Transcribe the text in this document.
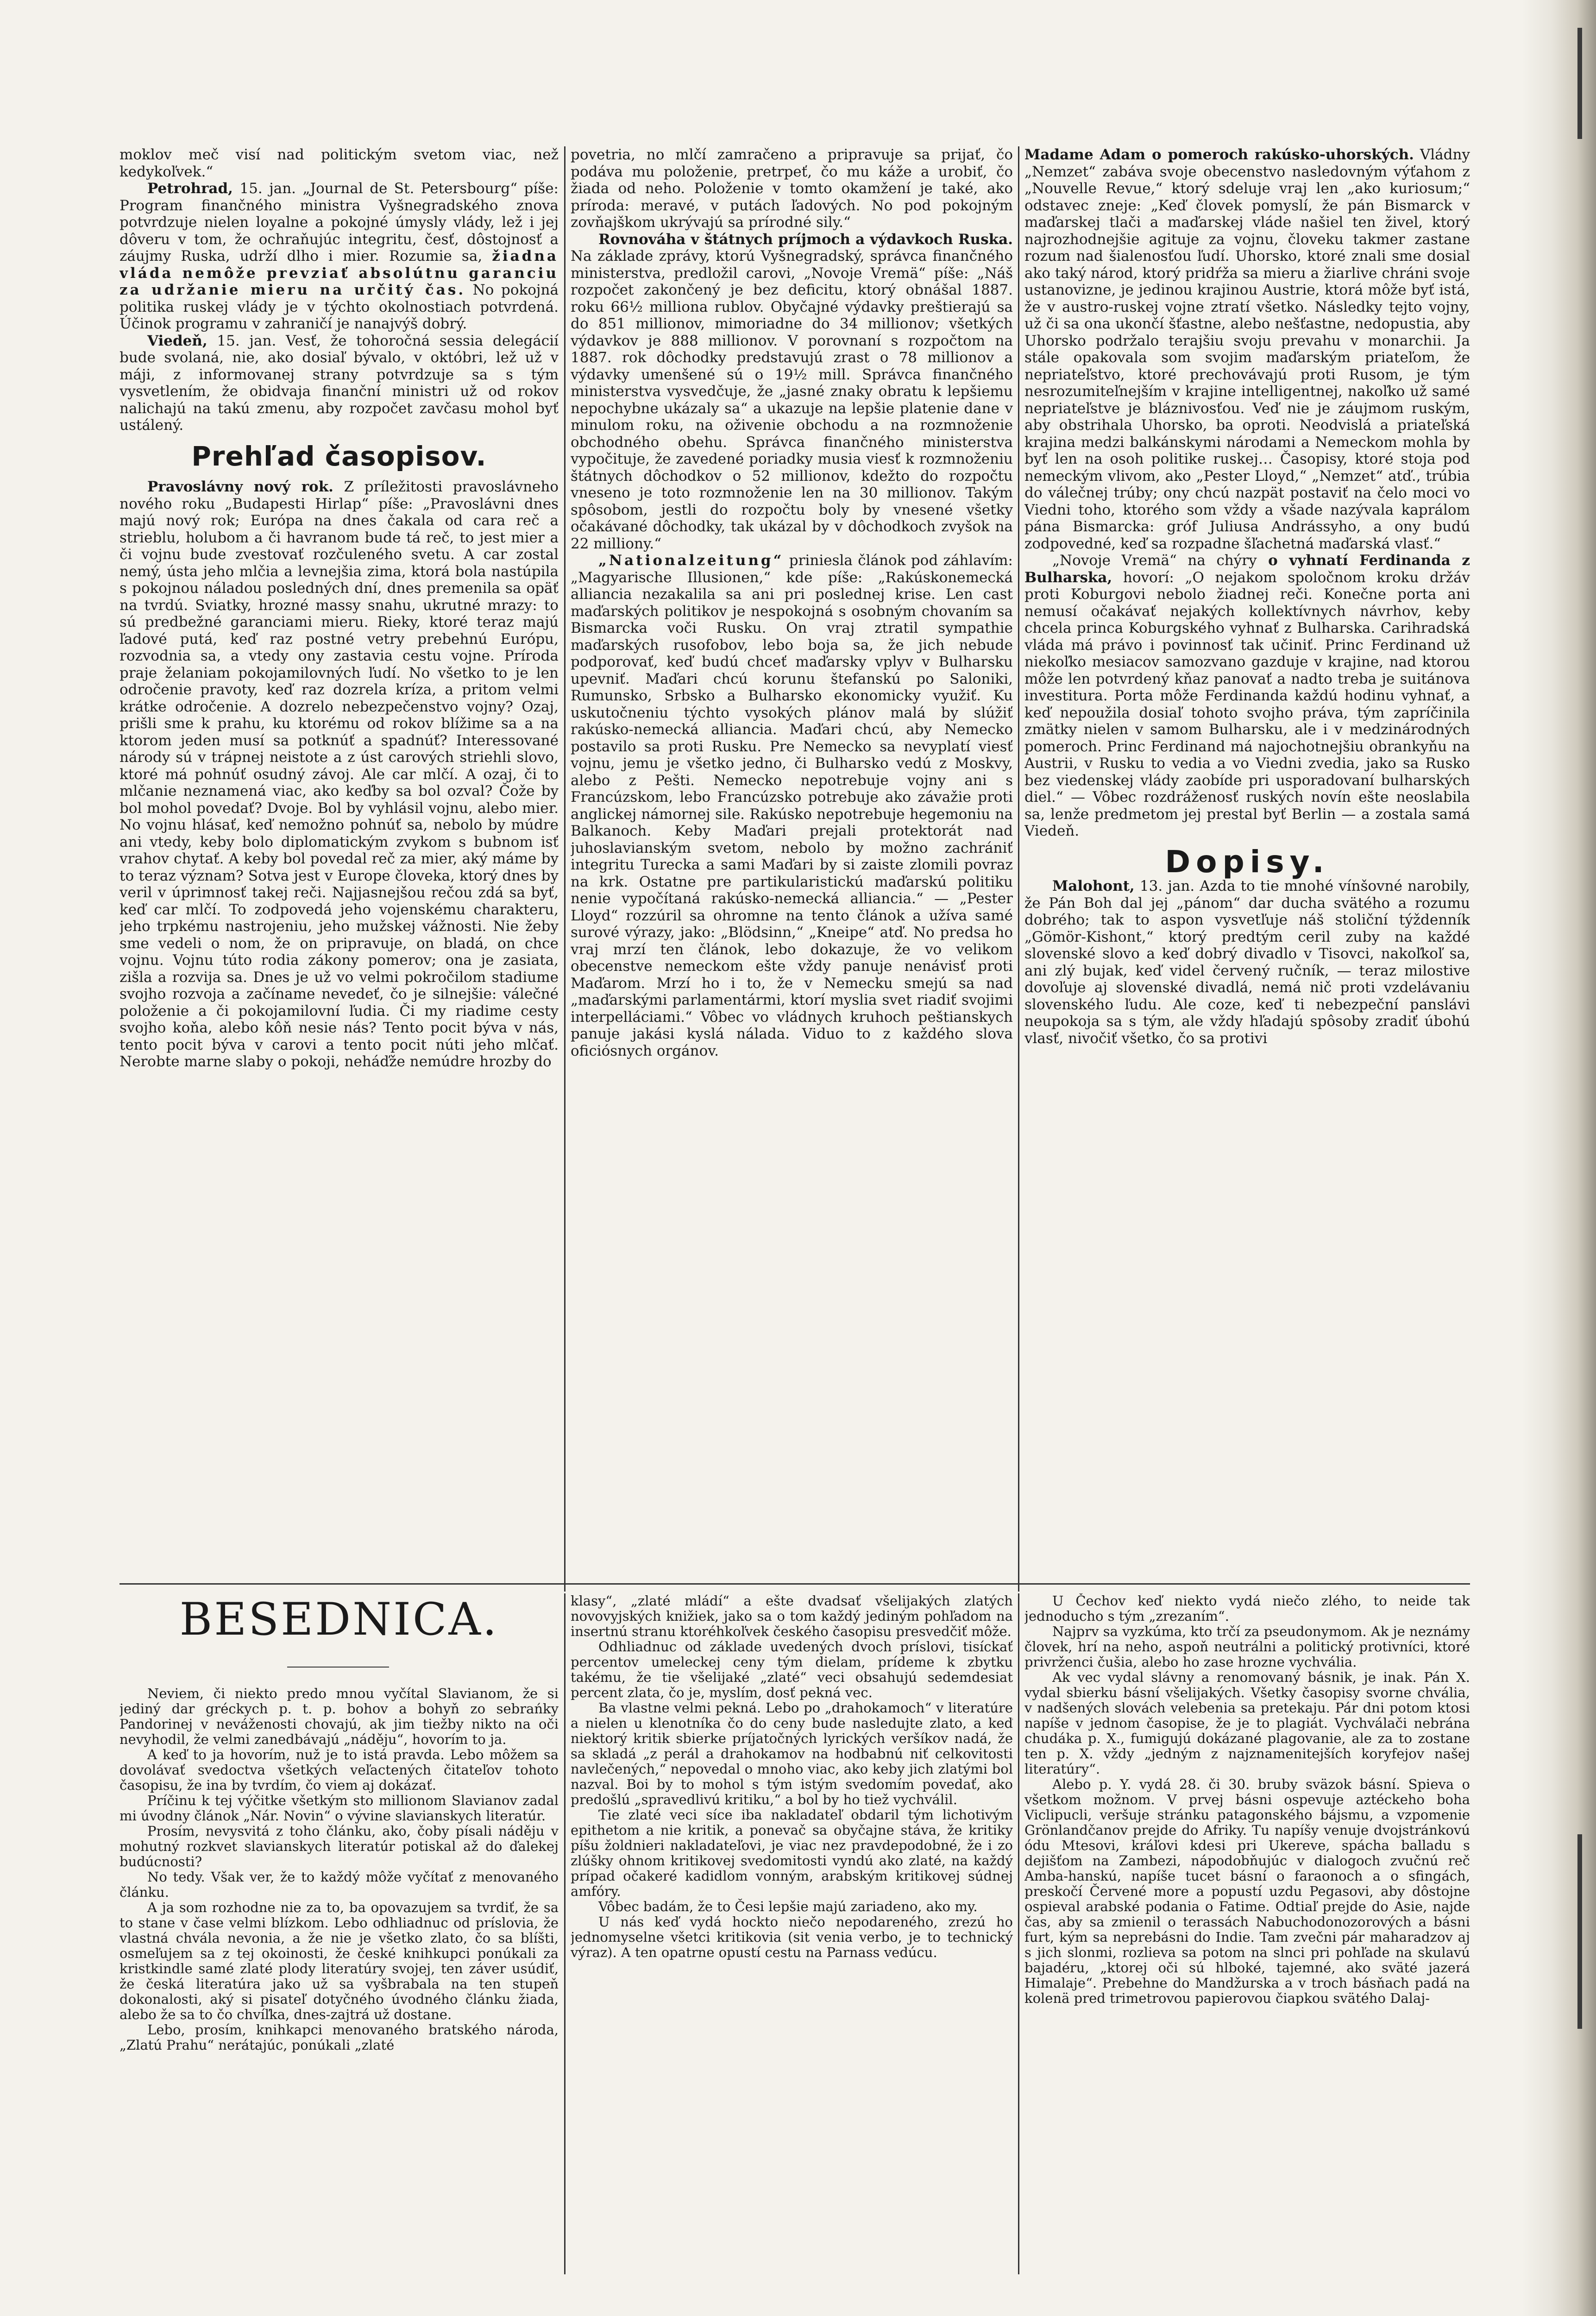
moklov meč visí nad politickým svetom viac, než kedykoľvek.“

Petrohrad, 15. jan. „Journal de St. Petersbourg“ píše: Program finančného ministra Vyšnegradského znova potvrdzuje nielen loyalne a pokojné úmysly vlády, lež i jej dôveru v tom, že ochraňujúc integritu, česť, dôstojnosť a záujmy Ruska, udrží dlho i mier. Rozumie sa, žiadna vláda nemôže prevziať absolútnu garanciu za udržanie mieru na určitý čas. No pokojná politika ruskej vlády je v týchto okolnostiach potvrdená. Účinok programu v zahraničí je nanajvýš dobrý.

Viedeň, 15. jan. Vesť, že tohoročná sessia delegácií bude svolaná, nie, ako dosiaľ bývalo, v októbri, lež už v máji, z informovanej strany potvrdzuje sa s tým vysvetlením, že obidvaja finanční ministri už od rokov nalichajú na takú zmenu, aby rozpočet zavčasu mohol byť ustálený.

Prehľad časopisov.

Pravoslávny nový rok. Z príležitosti pravoslávneho nového roku „Budapesti Hirlap“ píše: „Pravoslávni dnes majú nový rok; Európa na dnes čakala od cara reč a strieblu, holubom a či havranom bude tá reč, to jest mier a či vojnu bude zvestovať rozčuleného svetu. A car zostal nemý, ústa jeho mlčia a levnejšia zima, ktorá bola nastúpila s pokojnou náladou posledných dní, dnes premenila sa opäť na tvrdú. Sviatky, hrozné massy snahu, ukrutné mrazy: to sú predbežné garanciami mieru. Rieky, ktoré teraz majú ľadové putá, keď raz postné vetry prebehnú Európu, rozvodnia sa, a vtedy ony zastavia cestu vojne. Príroda praje želaniam pokojamilovných ľudí. No všetko to je len odročenie pravoty, keď raz dozrela kríza, a pritom velmi krátke odročenie. A dozrelo nebezpečenstvo vojny? Ozaj, prišli sme k prahu, ku ktorému od rokov blížime sa a na ktorom jeden musí sa potknúť a spadnúť? Interessované národy sú v trápnej neistote a z úst carových striehli slovo, ktoré má pohnúť osudný závoj. Ale car mlčí. A ozaj, či to mlčanie neznamená viac, ako keďby sa bol ozval? Čože by bol mohol povedať? Dvoje. Bol by vyhlásil vojnu, alebo mier. No vojnu hlásať, keď nemožno pohnúť sa, nebolo by múdre ani vtedy, keby bolo diplomatickým zvykom s bubnom isť vrahov chytať. A keby bol povedal reč za mier, aký máme by to teraz význam? Sotva jest v Europe človeka, ktorý dnes by veril v úprimnosť takej reči. Najjasnejšou rečou zdá sa byť, keď car mlčí. To zodpovedá jeho vojenskému charakteru, jeho trpkému nastrojeniu, jeho mužskej vážnosti. Nie žeby sme vedeli o nom, že on pripravuje, on bladá, on chce vojnu. Vojnu túto rodia zákony pomerov; ona je zasiata, zišla a rozvija sa. Dnes je už vo velmi pokročilom stadiume svojho rozvoja a začíname nevedeť, čo je silnejšie: válečné položenie a či pokojamilovní ľudia. Či my riadime cesty svojho koňa, alebo kôň nesie nás? Tento pocit býva v nás, tento pocit býva v carovi a tento pocit núti jeho mlčať. Nerobte marne slaby o pokoji, neháďže nemúdre hrozby do

povetria, no mlčí zamračeno a pripravuje sa prijať, čo podáva mu položenie, pretrpeť, čo mu káže a urobiť, čo žiada od neho. Položenie v tomto okamžení je také, ako príroda: meravé, v putách ľadových. No pod pokojným zovňajškom ukrývajú sa prírodné sily.“

Rovnováha v štátnych príjmoch a výdavkoch Ruska. Na základe zprávy, ktorú Vyšnegradský, správca finančného ministerstva, predložil carovi, „Novoje Vremä“ píše: „Náš rozpočet zakončený je bez deficitu, ktorý obnášal 1887. roku 66½ milliona rublov. Obyčajné výdavky preštierajú sa do 851 millionov, mimoriadne do 34 millionov; všetkých výdavkov je 888 millionov. V porovnaní s rozpočtom na 1887. rok dôchodky predstavujú zrast o 78 millionov a výdavky umenšené sú o 19½ mill. Správca finančného ministerstva vysvedčuje, že „jasné znaky obratu k lepšiemu nepochybne ukázaly sa“ a ukazuje na lepšie platenie dane v minulom roku, na oživenie obchodu a na rozmnoženie obchodného obehu. Správca finančného ministerstva vypočituje, že zavedené poriadky musia viesť k rozmnoženiu štátnych dôchodkov o 52 millionov, kdežto do rozpočtu vnesenо je toto rozmnoženie len na 30 millionov. Takým spôsobom, jestli do rozpočtu boly by vnesené všetky očakávané dôchodky, tak ukázal by v dôchodkoch zvyšok na 22 milliony.“

„Nationalzeitung“ priniesla článok pod záhlavím: „Magyarische Illusionen,“ kde píše: „Rakúskonemecká alliancia nezakalila sa ani pri poslednej krise. Len cast maďarských politikov je nespokojná s osobným chovaním sa Bismarcka voči Rusku. On vraj ztratil sympathie maďarských rusofobov, lebo boja sa, že jich nebude podporovať, keď budú chceť maďarsky vplyv v Bulharsku upevniť. Maďari chcú korunu štefanskú po Saloniki, Rumunsko, Srbsko a Bulharsko ekonomicky využiť. Ku uskutočneniu týchto vysokých plánov malá by slúžiť rakúsko-nemecká alliancia. Maďari chcú, aby Nemecko postavilo sa proti Rusku. Pre Nemecko sa nevyplatí viesť vojnu, jemu je všetko jedno, či Bulharsko vedú z Moskvy, alebo z Pešti. Nemecko nepotrebuje vojny ani s Francúzskom, lebo Francúzsko potrebuje ako závažie proti anglickej námornej sile. Rakúsko nepotrebuje hegemoniu na Balkanoch. Keby Maďari prejali protektorát nad juhoslavianským svetom, nebolo by možno zachrániť integritu Turecka a sami Maďari by si zaiste zlomili povraz na krk. Ostatne pre partikularistickú maďarskú politiku nenie vypočítaná rakúsko-nemecká alliancia.“ — „Pester Lloyd“ rozzúril sa ohromne na tento článok a užíva samé surové výrazy, jako: „Blödsinn,“ „Kneipe“ atď. No predsa ho vraj mrzí ten článok, lebo dokazuje, že vo velikom obecenstve nemeckom ešte vždy panuje nenávisť proti Maďarom. Mrzí ho i to, že v Nemecku smejú sa nad „maďarskými parlamentármi, ktorí myslia svet riadiť svojimi interpelláciami.“ Vôbec vo vládnych kruhoch peštianskych panuje jakási kyslá nálada. Viduo to z každého slova oficiósnych orgánov.

Madame Adam o pomeroch rakúsko-uhorských. Vládny „Nemzet“ zabáva svoje obecenstvo nasledovným výťahom z „Nouvelle Revue,“ ktorý sdeluje vraj len „ako kuriosum;“ odstavec zneje: „Keď človek pomyslí, že pán Bismarck v maďarskej tlači a maďarskej vláde našiel ten živel, ktorý najrozhodnejšie agituje za vojnu, človeku takmer zastane rozum nad šialenosťou ľudí. Uhorsko, ktoré znali sme dosiaľ ako taký národ, ktorý pridŕža sa mieru a žiarlive chráni svoje ustanovizne, je jedinou krajinou Austrie, ktorá môže byť istá, že v austro-ruskej vojne ztratí všetko. Následky tejto vojny, už či sa ona ukončí šťastne, alebo nešťastne, nedopustia, aby Uhorsko podržalo terajšiu svoju prevahu v monarchii. Ja stále opakovala som svojim maďarským priateľom, že nepriateľstvo, ktoré prechovávajú proti Rusom, je tým nesrozumiteľnejším v krajine intelligentnej, nakoľko už samé nepriateľstve je bláznivosťou. Veď nie je záujmom ruským, aby obstrihala Uhorsko, ba oproti. Neodvislá a priateľská krajina medzi balkánskymi národami a Nemeckom mohla by byť len na osoh politike ruskej… Časopisy, ktoré stoja pod nemeckým vlivom, ako „Pester Lloyd,“ „Nemzet“ atď., trúbia do válečnej trúby; ony chcú nazpät postaviť na čelo moci vo Viedni toho, ktorého som vždy a všade nazývala kaprálom pána Bismarcka: gróf Juliusa Andrássyho, a ony budú zodpovedné, keď sa rozpadne šľachetná maďarská vlasť.“

„Novoje Vremä“ na chýry o vyhnatí Ferdinanda z Bulharska, hovorí: „O nejakom spoločnom kroku držáv proti Koburgovi nebolo žiadnej reči. Konečne porta ani nemusí očakávať nejakých kollektívnych návrhov, keby chcela princa Koburgského vyhnať z Bulharska. Carihradská vláda má právo i povinnosť tak učiniť. Princ Ferdinand už niekoľko mesiacov samozvano gazduje v krajine, nad ktorou môže len potvrdený kňaz panovať a nadto treba je suitánova investitura. Porta môže Ferdinanda každú hodinu vyhnať, a keď nepoužila dosiaľ tohoto svojho práva, tým zapríčinila zmätky nielen v samom Bulharsku, ale i v medzinárodných pomeroch. Princ Ferdinand má najochotnejšiu obrankyňu na Austrii, v Rusku to vedia a vo Viedni zvedia, jako sa Rusko bez viedenskej vlády zaobíde pri usporadovaní bulharských diel.“ — Vôbec rozdráženosť ruských novín ešte neoslabila sa, lenže predmetom jej prestal byť Berlin — a zostala samá Viedeň.

Dopisy.

Malohont, 13. jan. Azda to tie mnohé vínšovné narobily, že Pán Boh dal jej „pánom“ dar ducha svätého a rozumu dobrého; tak to aspon vysvetľuje náš stoliční týždenník „Gömör-Kishont,“ ktorý predtým ceril zuby na každé slovenské slovo a keď dobrý divadlo v Tisovci, nakoľkoľ sa, ani zlý bujak, keď videl červený ručník, — teraz milostive dovoľuje aj slovenské divadlá, nemá nič proti vzdelávaniu slovenského ľudu. Ale coze, keď ti nebezpeční panslávi neupokoja sa s tým, ale vždy hľadajú spôsoby zradiť úbohú vlasť, nivočiť všetko, čo sa protivi

BESEDNICA.

Neviem, či niekto predo mnou vyčítal Slavianom, že si jediný dar gréckych p. t. p. bohov a bohyň zo sebrańky Pandorinej v neváženosti chovajú, ak jim tiežby nikto na oči nevyhodil, že velmi zanedbávajú „náděju“, hovorím to ja.

A keď to ja hovorím, nuž je to istá pravda. Lebo môžem sa dovolávať svedoctva všetkých veľactených čitateľov tohoto časopisu, že ina by tvrdím, čo viem aj dokázať.

Príčinu k tej výčitke všetkým sto millionom Slavianov zadal mi úvodny článok „Nár. Novin“ o vývine slavianskych literatúr.

Prosím, nevysvitá z toho článku, ako, čoby písali náděju v mohutný rozkvet slavianskych literatúr potiskal až do ďalekej budúcnosti?

No tedy. Však ver, že to každý môže vyčítať z menovaného článku.

A ja som rozhodne nie za to, ba opovazujem sa tvrdiť, že sa to stane v čase velmi blízkom. Lebo odhliadnuc od príslovia, že vlastná chvála nevonia, a že nie je všetko zlato, čo sa blíšti, osmeľujem sa z tej okoinosti, že české knihkupci ponúkali za kristkindle samé zlaté plody literatúry svojej, ten záver usúdiť, že česká literatúra jako už sa vyšbrabala na ten stupeň dokonalosti, aký si pisateľ dotyčného úvodného článku žiada, alebo že sa to čo chvíľka, dnes-zajtrá už dostane.

Lebo, prosím, knihkapci menovaného bratského národa, „Zlatú Prahu“ nerátajúc, ponúkali „zlaté

klasy“, „zlaté mládí“ a ešte dvadsať všelijakých zlatých novovyjských knižiek, jako sa o tom každý jediným pohľadom na insertnú stranu ktoréhkoľvek českého časopisu presvedčiť môže.

Odhliadnuc od základe uvedených dvoch príslovi, tisíckať percentov umeleckej ceny tým dielam, prídeme k zbytku takému, že tie všelijaké „zlaté“ veci obsahujú sedemdesiat percent zlata, čo je, myslím, dosť pekná vec.

Ba vlastne velmi pekná. Lebo po „drahokamoch“ v literatúre a nielen u klenotníka čo do ceny bude nasledujte zlato, a keď niektorý kritik sbierke príjatočných lyrických veršíkov nadá, že sa skladá „z perál a drahokamov na hodbabnú niť celkovitosti navlečených,“ nepovedal o mnoho viac, ako keby jich zlatými bol nazval. Boi by to mohol s tým istým svedomím povedať, ako predošlú „spravedlivú kritiku,“ a bol by ho tiež vychválil.

Tie zlaté veci síce iba nakladateľ obdaril tým lichotivým epithetom a nie kritik, a ponevač sa obyčajne stáva, že kritiky píšu žoldnieri nakladateľovi, je viac nez pravdepodobné, že i zo zlúšky ohnom kritikovej svedomitosti vyndú ako zlaté, na každý prípad očakeré kadidlom vonným, arabským kritikovej súdnej amfóry.

Vôbec badám, že to Česi lepšie majú zariadeno, ako my.

U nás keď vydá hockto niečo nepodareného, zrezú ho jednomyselne všetci kritikovia (sit venia verbo, je to technický výraz). A ten opatrne opustí cestu na Parnass vedúcu.

U Čechov keď niekto vydá niečo zlého, to neide tak jednoducho s tým „zrezaním“.

Najprv sa vyzkúma, kto trčí za pseudonymom. Ak je neznámy človek, hrí na neho, aspoň neutrálni a politický protivníci, ktoré privrženci čušia, alebo ho zase hrozne vychvália.

Ak vec vydal slávny a renomovaný básnik, je inak. Pán X. vydal sbierku básní všelijakých. Všetky časopisy svorne chvália, v nadšených slovách velebenia sa pretekaju. Pár dni potom ktosi napíše v jednom časopise, že je to plagiát. Vychválači nebrána chudáka p. X., fumigujú dokázané plagovanie, ale za to zostane ten p. X. vždy „jedným z najznamenitejších koryfejov našej literatúry“.

Alebo p. Y. vydá 28. či 30. bruby sväzok básní. Spieva o všetkom možnom. V prvej básni ospevuje aztéckeho boha Viclipucli, veršuje stránku patagonského bájsmu, a vzpomenie Grönlandčanov prejde do Afriky. Tu napíšy venuje dvojstránkovú ódu Mtesovi, kráľovi kdesi pri Ukereve, spácha balladu s dejišťom na Zambezi, nápodobňujúc v dialogoch zvučnú reč Amba-hanskú, napíše tucet básní o faraonoch a o sfingách, preskočí Červené more a popustí uzdu Pegasovi, aby dôstojne ospieval arabské podania o Fatime. Odtiaľ prejde do Asie, najde čas, aby sa zmienil o terassách Nabuchodonozorových a básni furt, kým sa neprebásni do Indie. Tam zvečni pár maharadzov aj s jich slonmi, rozlieva sa potom na slnci pri pohľade na skulavú bajadéru, „ktorej oči sú hlboké, tajemné, ako sväté jazerá Himalaje“. Prebehne do Mandžurska a v troch básňach padá na kolenä pred trimetrovou papierovou čiapkou svätého Dalaj-
